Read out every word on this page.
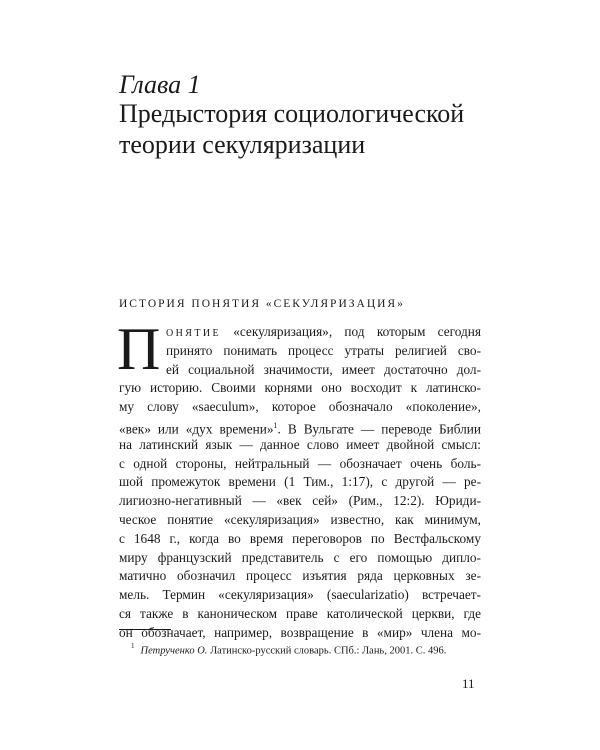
Глава 1
Предыстория социологической
теории секуляризации
ИСТОРИЯ ПОНЯТИЯ «СЕКУЛЯРИЗАЦИЯ»
П ОНЯТИЕ «секуляризация», под которым сегодня
принято понимать процесс утраты религией сво-
ей социальной значимости, имеет достаточно дол-
гую историю. Своими корнями оно восходит к латинско-
му слову «saeculum», которое обозначало «поколение»,
«век» или «дух времени»$^1$. В Вульгате — переводе Библии
на латинский язык — данное слово имеет двойной смысл:
с одной стороны, нейтральный — обозначает очень боль-
шой промежуток времени (1 Тим., 1:17), с другой — ре-
лигиозно-негативный — «век сей» (Рим., 12:2). Юриди-
ческое понятие «секуляризация» известно, как минимум,
с 1648 г., когда во время переговоров по Вестфальскому
миру французский представитель с его помощью дипло-
матично обозначил процесс изъятия ряда церковных зе-
мель. Термин «секуляризация» (saecularizatio) встречает-
ся также в каноническом праве католической церкви, где
он обозначает, например, возвращение в «мир» члена мо-
$^1$ Петрученко О. Латинско-русский словарь. СПб.: Лань, 2001. С. 496.
11
